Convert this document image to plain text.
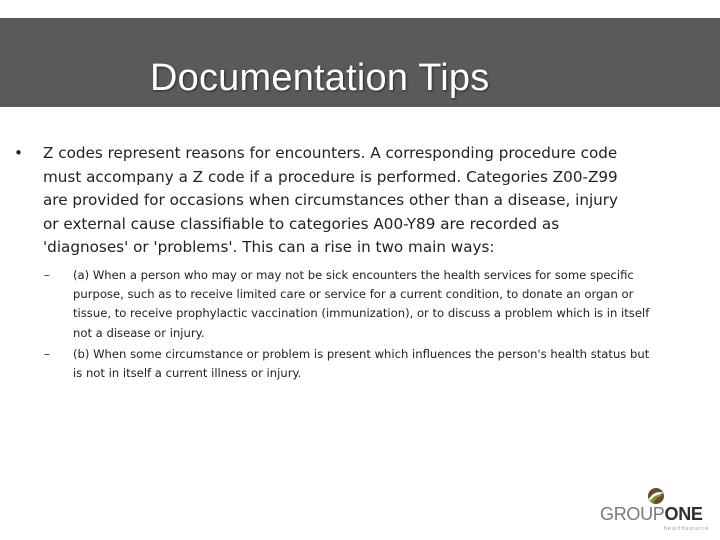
Documentation Tips
•	Z codes represent reasons for encounters. A corresponding procedure code must accompany a Z code if a procedure is performed. Categories Z00-Z99 are provided for occasions when circumstances other than a disease, injury or external cause classifiable to categories A00-Y89 are recorded as 'diagnoses' or 'problems'. This can a rise in two main ways:
–	(a) When a person who may or may not be sick encounters the health services for some specific purpose, such as to receive limited care or service for a current condition, to donate an organ or tissue, to receive prophylactic vaccination (immunization), or to discuss a problem which is in itself not a disease or injury.
–	(b) When some circumstance or problem is present which influences the person's health status but is not in itself a current illness or injury.
GROUPONE
healthsource
